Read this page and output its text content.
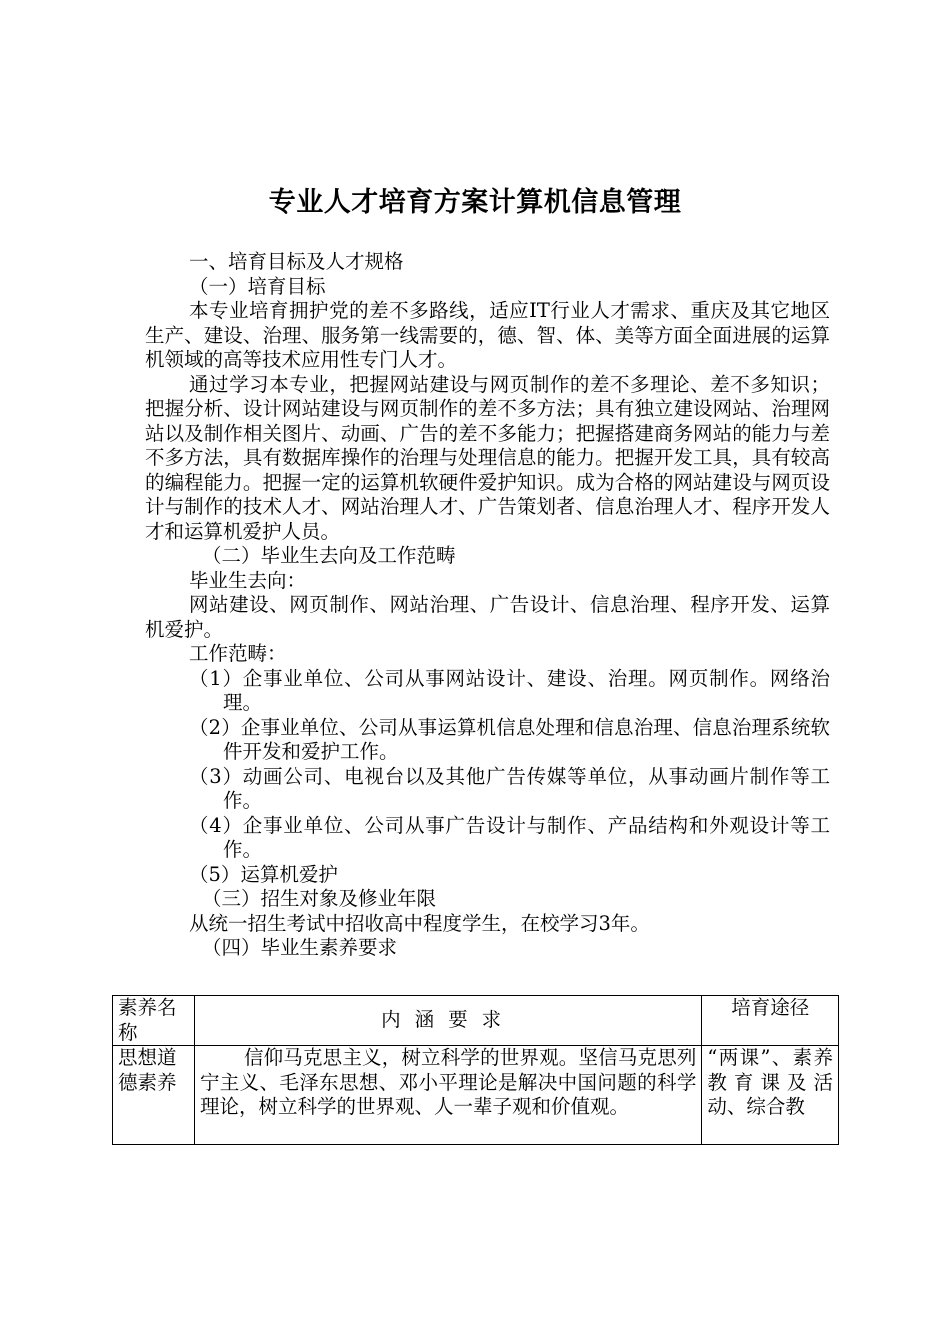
专业人才培育方案计算机信息管理

一、培育目标及人才规格

（一）培育目标

本专业培育拥护党的差不多路线，适应IT行业人才需求、重庆及其它地区生产、建设、治理、服务第一线需要的，德、智、体、美等方面全面进展的运算机领域的高等技术应用性专门人才。

通过学习本专业，把握网站建设与网页制作的差不多理论、差不多知识；把握分析、设计网站建设与网页制作的差不多方法；具有独立建设网站、治理网站以及制作相关图片、动画、广告的差不多能力；把握搭建商务网站的能力与差不多方法，具有数据库操作的治理与处理信息的能力。把握开发工具，具有较高的编程能力。把握一定的运算机软硬件爱护知识。成为合格的网站建设与网页设计与制作的技术人才、网站治理人才、广告策划者、信息治理人才、程序开发人才和运算机爱护人员。

（二）毕业生去向及工作范畴

毕业生去向：

网站建设、网页制作、网站治理、广告设计、信息治理、程序开发、运算机爱护。

工作范畴：

（1）企事业单位、公司从事网站设计、建设、治理。网页制作。网络治理。

（2）企事业单位、公司从事运算机信息处理和信息治理、信息治理系统软件开发和爱护工作。

（3）动画公司、电视台以及其他广告传媒等单位，从事动画片制作等工作。

（4）企事业单位、公司从事广告设计与制作、产品结构和外观设计等工作。

（5）运算机爱护

（三）招生对象及修业年限

从统一招生考试中招收高中程度学生，在校学习3年。

（四）毕业生素养要求

素养名称	内涵要求	培育途径
思想道德素养	信仰马克思主义，树立科学的世界观。坚信马克思列宁主义、毛泽东思想、邓小平理论是解决中国问题的科学理论，树立科学的世界观、人一辈子观和价值观。	“两课”、素养教育课及活动、综合教
